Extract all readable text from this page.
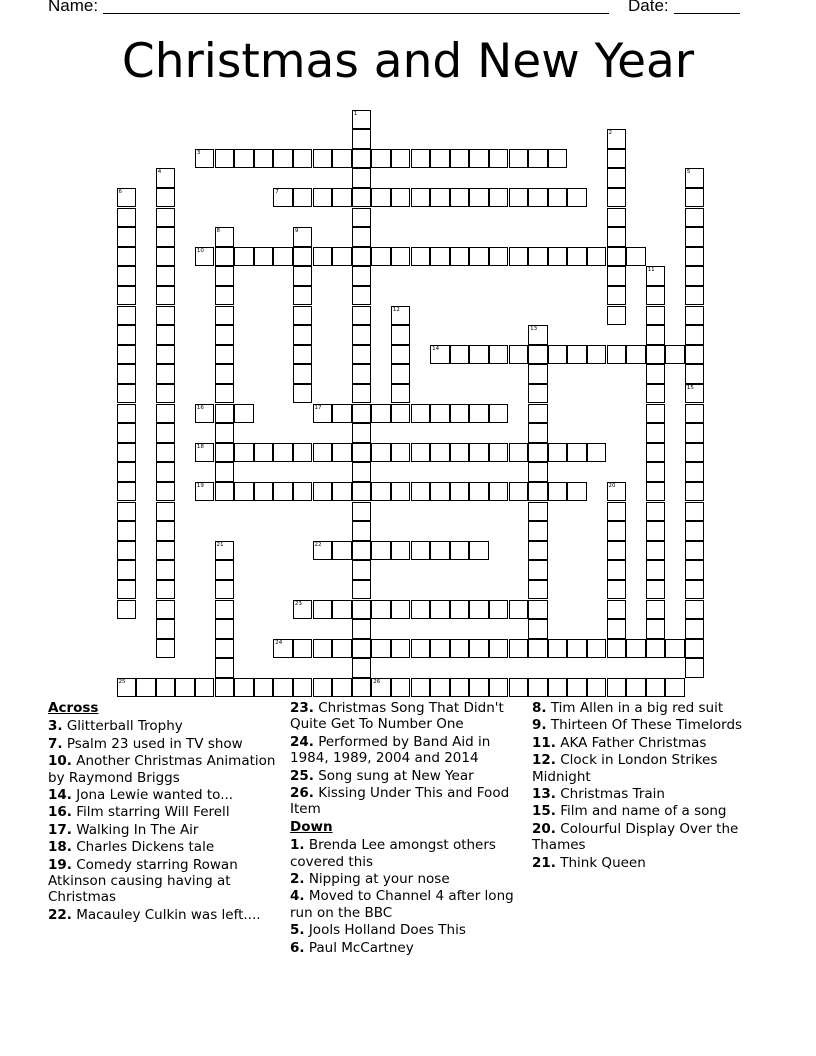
Name:	Date:
Christmas and New Year
3
7
10
14
16	17
18
19
22
23
24
25	26
1
2
4	5
15
6
8	9
11
12
13
20
21
Across
3. Glitterball Trophy
7. Psalm 23 used in TV show
10. Another Christmas Animation by Raymond Briggs
14. Jona Lewie wanted to...
16. Film starring Will Ferell
17. Walking In The Air
18. Charles Dickens tale
19. Comedy starring Rowan Atkinson causing having at Christmas
22. Macauley Culkin was left....
23. Christmas Song That Didn't Quite Get To Number One
24. Performed by Band Aid in 1984, 1989, 2004 and 2014
25. Song sung at New Year
26. Kissing Under This and Food Item
Down
1. Brenda Lee amongst others covered this
2. Nipping at your nose
4. Moved to Channel 4 after long run on the BBC
5. Jools Holland Does This
6. Paul McCartney
8. Tim Allen in a big red suit
9. Thirteen Of These Timelords
11. AKA Father Christmas
12. Clock in London Strikes Midnight
13. Christmas Train
15. Film and name of a song
20. Colourful Display Over the Thames
21. Think Queen
